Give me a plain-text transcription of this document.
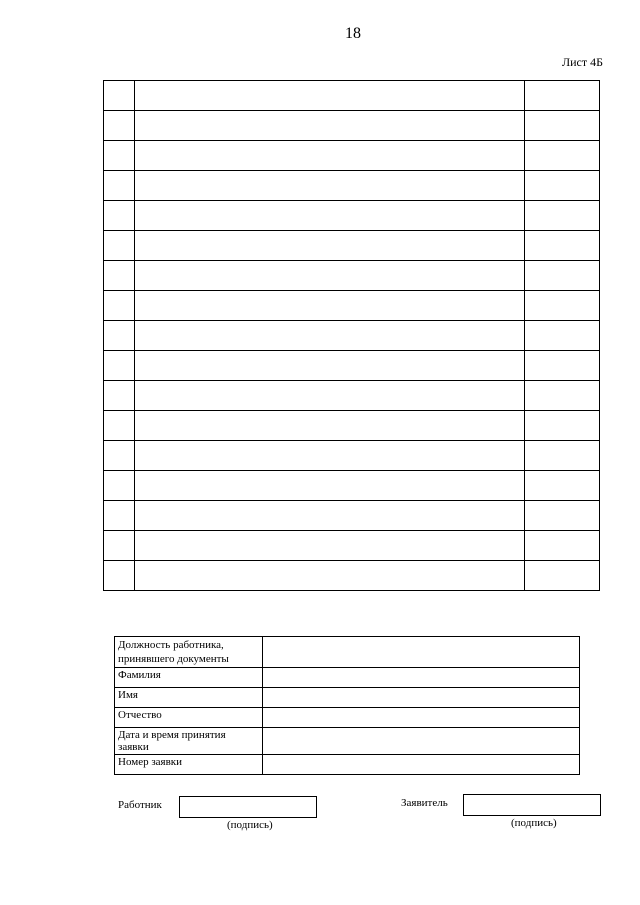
18
Лист 4Б

Должность работника, принявшего документы	
Фамилия	
Имя	
Отчество	
Дата и время принятия заявки	
Номер заявки	
Работник
(подпись)
Заявитель
(подпись)
